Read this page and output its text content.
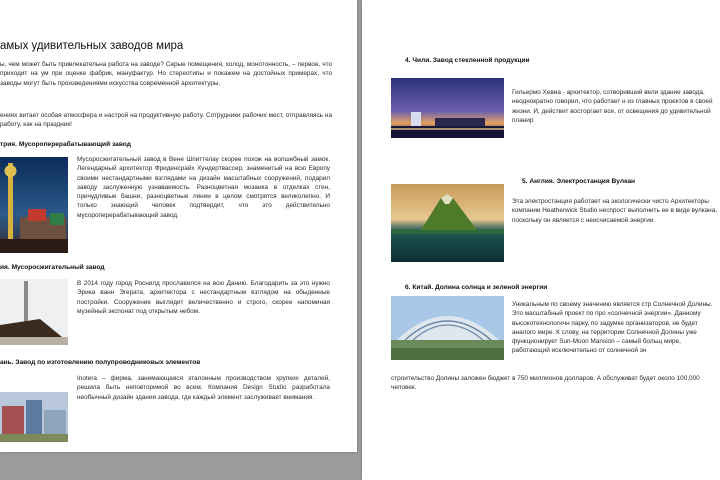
амых удивительных заводов мира
ы, чем может быть привлекательна работа на заводе? Серые помещения, холод, монотонность, – первое, что приходит на ум при оценке фабрик, мануфактур. Но стереотипы и покажем на достойных примерах, что заводы могут быть произведениями искусства современной архитектуры.
ениях витает особая атмосфера и настрой на продуктивную работу. Сотрудники рабочих мест, отправляясь на работу, как на праздник!
трия. Мусороперерабатывающий завод
Мусоросжигательный завод в Вене Шпиттелау скорее похож на волшебный замок. Легендарный архитектор Фриденсрайх Хундертвассер, знаменитый на всю Европу своими нестандартными взглядами на дизайн масштабных сооружений, подарил заводу заслуженную узнаваемость. Разноцветная мозаика в отделках стен, причудливые башни, разноцветные линии в целом смотрятся великолепно. И только знающий человек подтвердит, что это действительно мусороперерабатывающий завод.
ия. Мусоросжигательный завод
В 2014 году город Роснилд прославился на всю Данию. Благодарить за это нужно Эрика ванн Эгерата, архитектора с нестандартным взглядом на обыденные постройки. Сооружение выглядит величественно и строго, скорее напоминая музейный экспонат под открытым небом.
ань. Завод по изготовлению полупроводниковых элементов
Inotera – фирма, занимающаяся эталонным производством хрупких деталей, решила быть неповторимой во всем. Компания Design Studio разработала необычный дизайн здания завода, где каждый элемент заслуживает внимания.
4. Чили. Завод стекленной продукции
Гильермо Хевиа - архитектор, сотворивший вели здание завода, неоднократно говорил, что работает н из главных проектов в своей жизни. И, действит восторгает все, от освещения до удивительной планир
5. Англия. Электростанция Вулкан
Эта электростанция работает на экологически чисто Архитекторы компании Heatherwick Studio неспрост выполнить ее в виде вулкана, поскольку он является с неисчисаемой энергии.
6. Китай. Долина солнца и зеленой энергии
Уникальным по своему значению является стр Солнечной Долины. Это масштабный проект по про «солнечной энергии». Данному высокотехнологичн парку, по задумке организаторов, не будет аналого мире. К слову, на территории Солнечной Долины уже функционирует Sun-Moon Mansion – самый больщ мире, работающий исключительно от солнечной эн
строительство Долины заложен бюджет в 750 миллионов долларов. А обслуживат будет около 100,000 человек.
